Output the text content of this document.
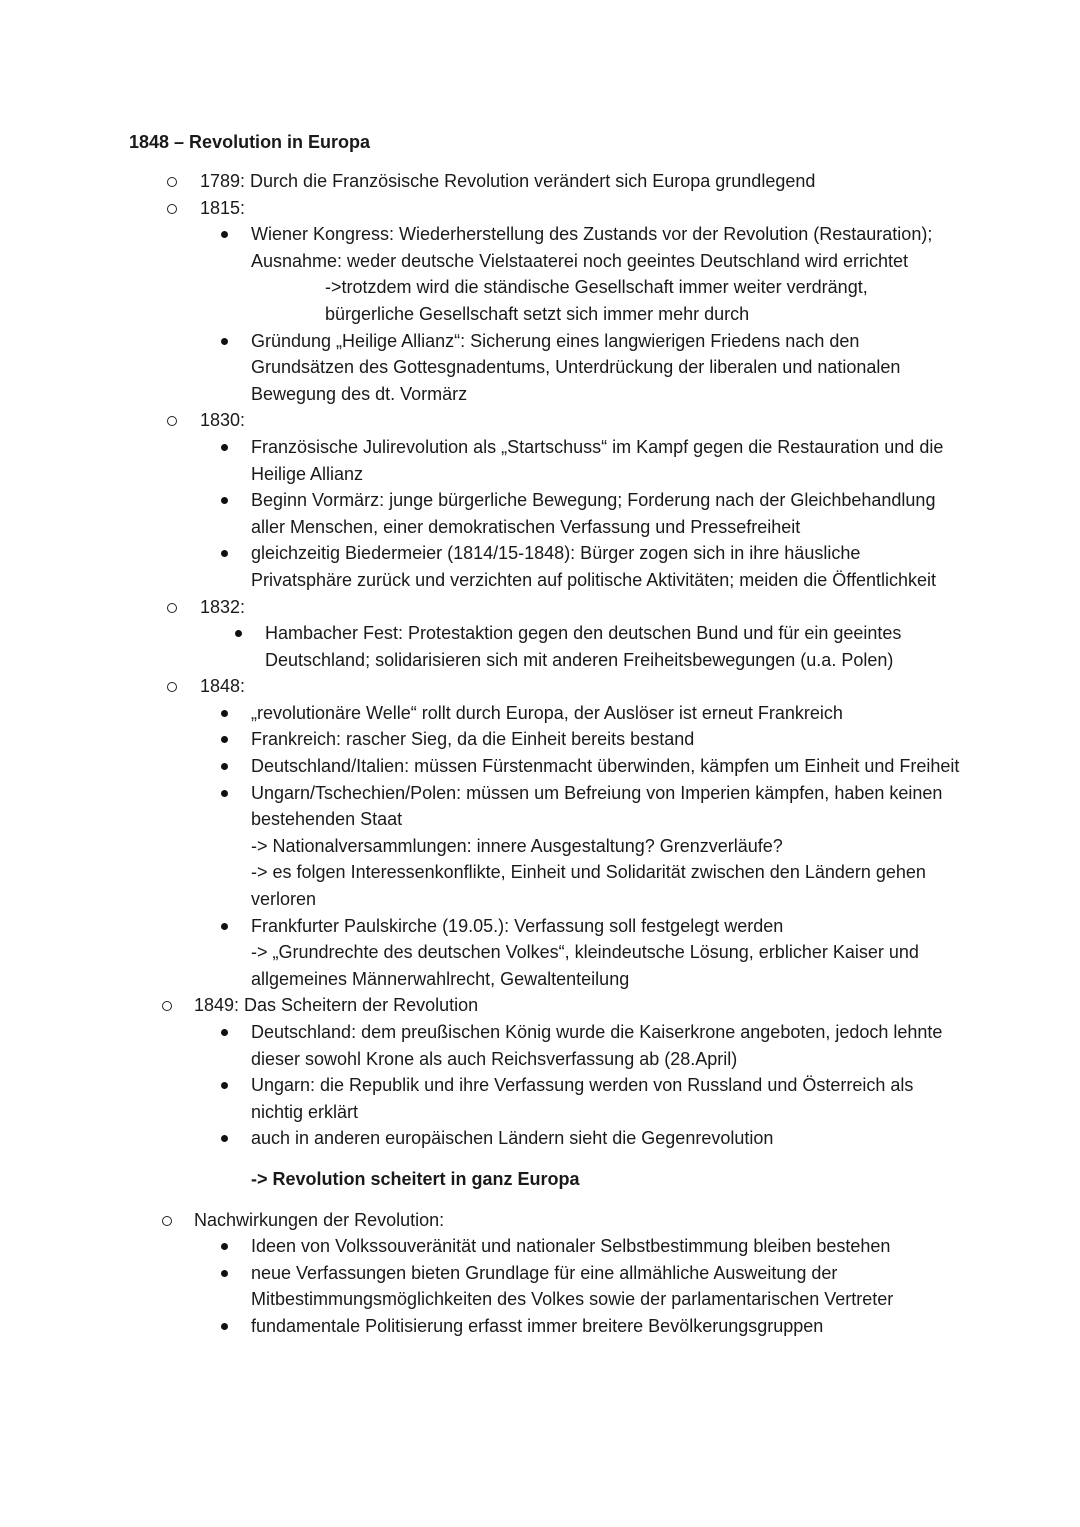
1848 – Revolution in Europa
1789: Durch die Französische Revolution verändert sich Europa grundlegend
1815:
Wiener Kongress: Wiederherstellung des Zustands vor der Revolution (Restauration); Ausnahme: weder deutsche Vielstaaterei noch geeintes Deutschland wird errichtet
->trotzdem wird die ständische Gesellschaft immer weiter verdrängt, bürgerliche Gesellschaft setzt sich immer mehr durch
Gründung „Heilige Allianz“: Sicherung eines langwierigen Friedens nach den Grundsätzen des Gottesgnadentums, Unterdrückung der liberalen und nationalen Bewegung des dt. Vormärz
1830:
Französische Julirevolution als „Startschuss“ im Kampf gegen die Restauration und die Heilige Allianz
Beginn Vormärz: junge bürgerliche Bewegung; Forderung nach der Gleichbehandlung aller Menschen, einer demokratischen Verfassung und Pressefreiheit
gleichzeitig Biedermeier (1814/15-1848): Bürger zogen sich in ihre häusliche Privatsphäre zurück und verzichten auf politische Aktivitäten; meiden die Öffentlichkeit
1832:
Hambacher Fest: Protestaktion gegen den deutschen Bund und für ein geeintes Deutschland; solidarisieren sich mit anderen Freiheitsbewegungen (u.a. Polen)
1848:
„revolutionäre Welle“ rollt durch Europa, der Auslöser ist erneut Frankreich
Frankreich: rascher Sieg, da die Einheit bereits bestand
Deutschland/Italien: müssen Fürstenmacht überwinden, kämpfen um Einheit und Freiheit
Ungarn/Tschechien/Polen: müssen um Befreiung von Imperien kämpfen, haben keinen bestehenden Staat
-> Nationalversammlungen: innere Ausgestaltung? Grenzverläufe?
-> es folgen Interessenkonflikte, Einheit und Solidarität zwischen den Ländern gehen verloren
Frankfurter Paulskirche (19.05.): Verfassung soll festgelegt werden
-> „Grundrechte des deutschen Volkes“, kleindeutsche Lösung, erblicher Kaiser und allgemeines Männerwahlrecht, Gewaltenteilung
1849: Das Scheitern der Revolution
Deutschland: dem preußischen König wurde die Kaiserkrone angeboten, jedoch lehnte dieser sowohl Krone als auch Reichsverfassung ab (28.April)
Ungarn: die Republik und ihre Verfassung werden von Russland und Österreich als nichtig erklärt
auch in anderen europäischen Ländern sieht die Gegenrevolution
-> Revolution scheitert in ganz Europa
Nachwirkungen der Revolution:
Ideen von Volkssouveränität und nationaler Selbstbestimmung bleiben bestehen
neue Verfassungen bieten Grundlage für eine allmähliche Ausweitung der Mitbestimmungsmöglichkeiten des Volkes sowie der parlamentarischen Vertreter
fundamentale Politisierung erfasst immer breitere Bevölkerungsgruppen
